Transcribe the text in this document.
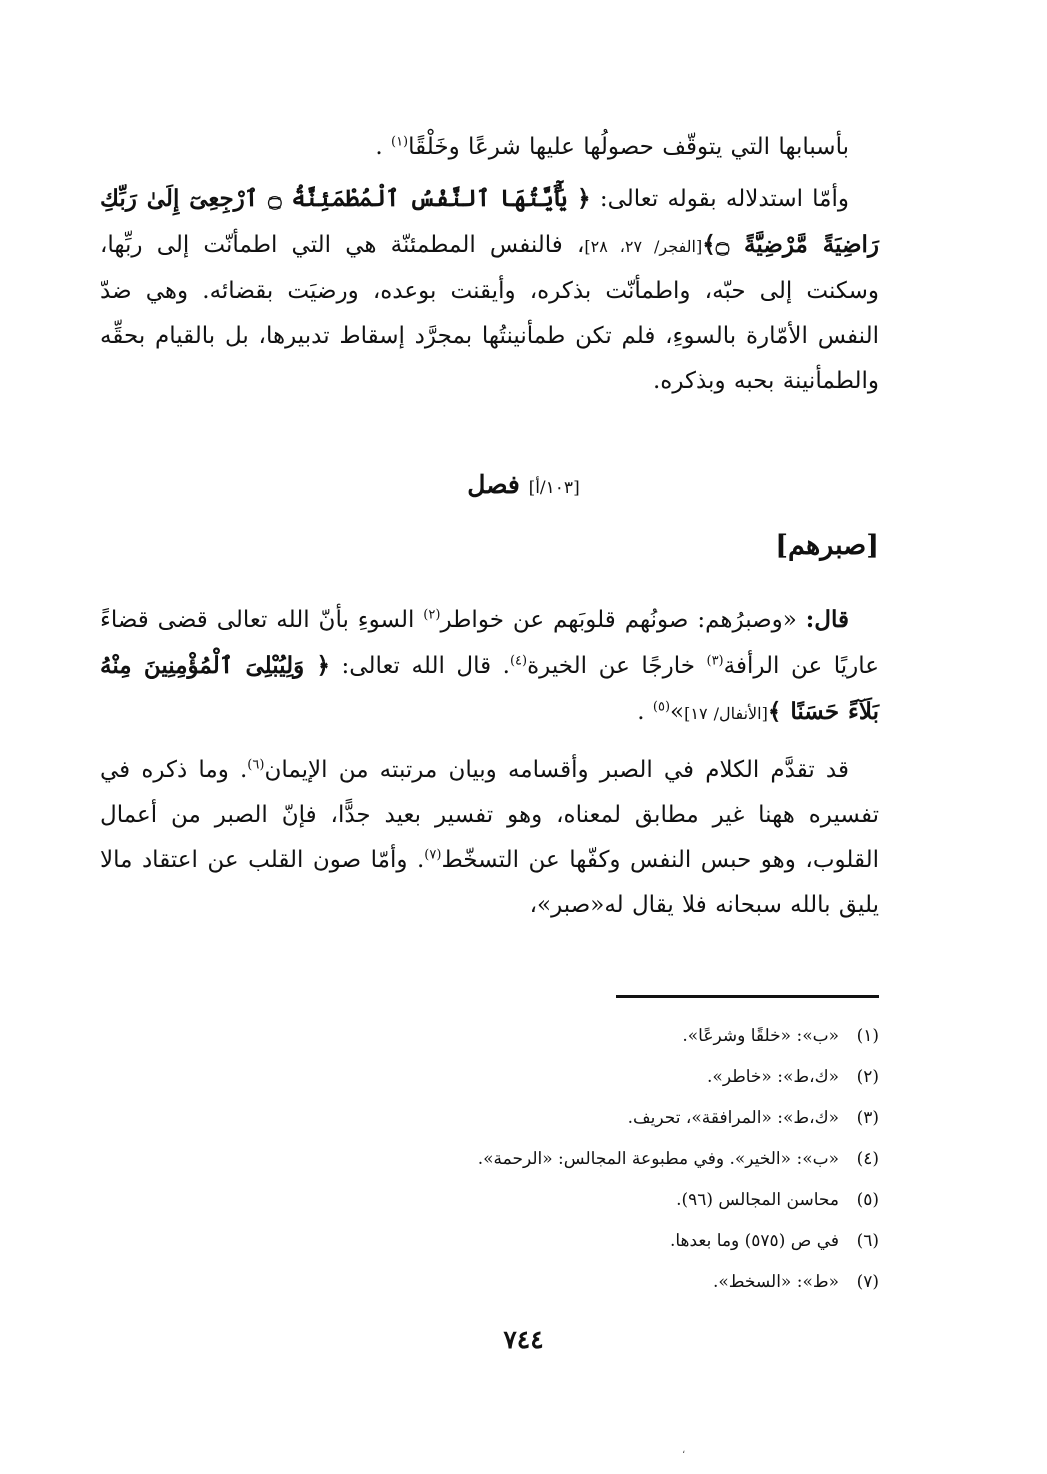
بأسبابها التي يتوقّف حصولُها عليها شرعًا وخَلْقًا$^{(١)}$ .

وأمّا استدلاله بقوله تعالى: ﴿ يَٰٓأَيَّتُهَا ٱلنَّفْسُ ٱلْمُطْمَئِنَّةُ ۝ ٱرْجِعِىٓ إِلَىٰ رَبِّكِ رَاضِيَةً مَّرْضِيَّةً ۝﴾[الفجر/ ٢٧، ٢٨]، فالنفس المطمئنّة هي التي اطمأنّت إلى ربِّها، وسكنت إلى حبّه، واطمأنّت بذكره، وأيقنت بوعده، ورضيَت بقضائه. وهي ضدّ النفس الأمّارة بالسوءِ، فلم تكن طمأنينتُها بمجرَّد إسقاط تدبيرها، بل بالقيام بحقِّه والطمأنينة بحبه وبذكره.

[١٠٣/أ] فصل
[صبرهم]

قال: «وصبرُهم: صونُهم قلوبَهم عن خواطر$^{(٢)}$ السوءِ بأنّ الله تعالى قضى قضاءً عاريًا عن الرأفة$^{(٣)}$ خارجًا عن الخيرة$^{(٤)}$. قال الله تعالى: ﴿ وَلِيُبْلِىَ ٱلْمُؤْمِنِينَ مِنْهُ بَلَآءً حَسَنًا ﴾[الأنفال/ ١٧]»$^{(٥)}$ .

قد تقدَّم الكلام في الصبر وأقسامه وبيان مرتبته من الإيمان$^{(٦)}$. وما ذكره في تفسيره ههنا غير مطابق لمعناه، وهو تفسير بعيد جدًّا، فإنّ الصبر من أعمال القلوب، وهو حبس النفس وكفّها عن التسخّط$^{(٧)}$. وأمّا صون القلب عن اعتقاد مالا يليق بالله سبحانه فلا يقال له«صبر»،

(١)
«ب»: «خلقًا وشرعًا».
(٢)
«ك،ط»: «خاطر».
(٣)
«ك،ط»: «المرافقة»، تحريف.
(٤)
«ب»: «الخير». وفي مطبوعة المجالس: «الرحمة».
(٥)
محاسن المجالس (٩٦).
(٦)
في ص (٥٧٥) وما بعدها.
(٧)
«ط»: «السخط».
٧٤٤
،
